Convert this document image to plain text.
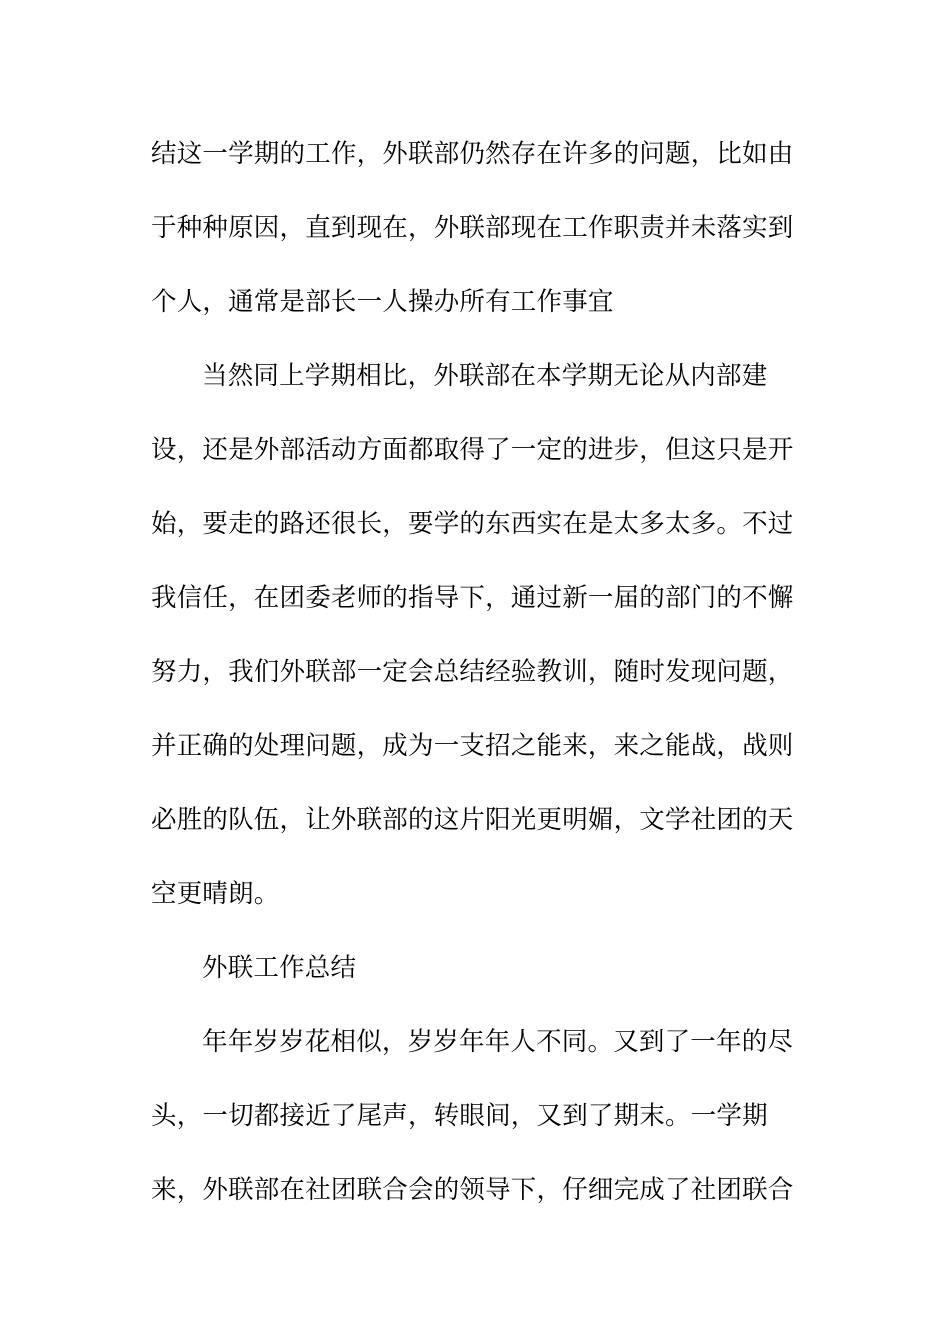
结这一学期的工作，外联部仍然存在许多的问题，比如由
于种种原因，直到现在，外联部现在工作职责并未落实到
个人，通常是部长一人操办所有工作事宜
当然同上学期相比，外联部在本学期无论从内部建
设，还是外部活动方面都取得了一定的进步，但这只是开
始，要走的路还很长，要学的东西实在是太多太多。不过
我信任，在团委老师的指导下，通过新一届的部门的不懈
努力，我们外联部一定会总结经验教训，随时发现问题，
并正确的处理问题，成为一支招之能来，来之能战，战则
必胜的队伍，让外联部的这片阳光更明媚，文学社团的天
空更晴朗。
外联工作总结
年年岁岁花相似，岁岁年年人不同。又到了一年的尽
头，一切都接近了尾声，转眼间，又到了期末。一学期
来，外联部在社团联合会的领导下，仔细完成了社团联合
